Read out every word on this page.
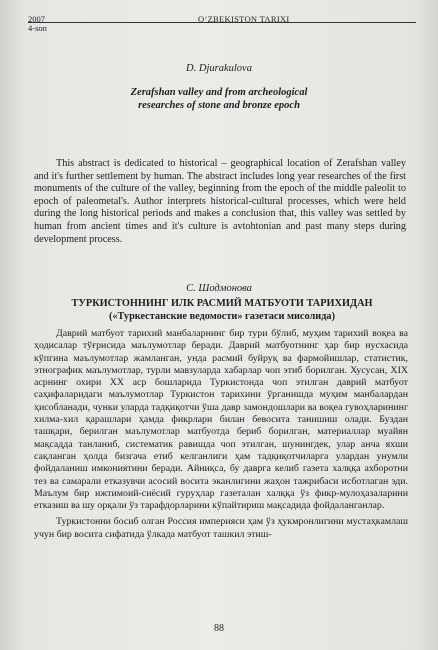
2007
4-son
O‘ZBEKISTON TARIXI
D. Djurakulova
Zerafshan valley and from archeological
researches of stone and bronze epoch
This abstract is dedicated to historical – geographical location of Zerafshan valley and it's further settlement by human. The abstract includes long year researches of the first monuments of the culture of the valley, beginning from the epoch of the middle paleolit to epoch of paleometal's. Author interprets historical-cultural processes, which were held during the long historical periods and makes a conclusion that, this valley was settled by human from ancient times and it's culture is avtohtonian and past many steps during development process.
С. Шодмонова
ТУРКИСТОННИНГ ИЛК РАСМИЙ МАТБУОТИ ТАРИХИДАН
(«Туркестанские ведомости» газетаси мисолида)

Даврий матбуот тарихий манбаларнинг бир тури бўлиб, муҳим тарихий воқеа ва ҳодисалар тўғрисида маълумотлар беради. Даврий матбуотнинг ҳар бир нусхасида кўпгина маълумотлар жамланган, унда расмий буйруқ ва фармойишлар, статистик, этнографик маълумотлар, турли мавзуларда хабарлар чоп этиб борилган. Хусусан, XIX асрнинг охири XX аср бошларида Туркистонда чоп этилган даврий матбуот саҳифаларидаги маълумотлар Туркистон тарихини ўрганишда муҳим манбалардан ҳисобланади, чунки уларда тадқиқотчи ўша давр замондошлари ва воқеа гувоҳларининг хилма-хил қарашлари ҳамда фикрлари билан бевосита танишиш олади. Буздан ташқари, берилган маълумотлар матбуотда бериб борилган, материаллар муайян мақсадда танланиб, систематик равишда чоп этилган, шунингдек, улар анча яхши сақланган ҳолда бизгача етиб келганлиги ҳам тадқиқотчиларга улардан унумли фойдаланиш имкониятини беради. Айниқса, бу даврга келиб газета халққа ахборотни тез ва самарали етказувчи асосий восита эканлигини жаҳон тажрибаси исботлаган эди. Маълум бир ижтимоий-сиёсий гуруҳлар газеталан халққа ўз фикр-мулоҳазаларини етказиш ва шу орқали ўз тарафдорларини кўпайтириш мақсадида фойдаланганлар.

Туркистонни босиб олган Россия империяси ҳам ўз ҳукмронлигини мустаҳкамлаш учун бир восита сифатида ўлкада матбуот ташкил этиш-

88
